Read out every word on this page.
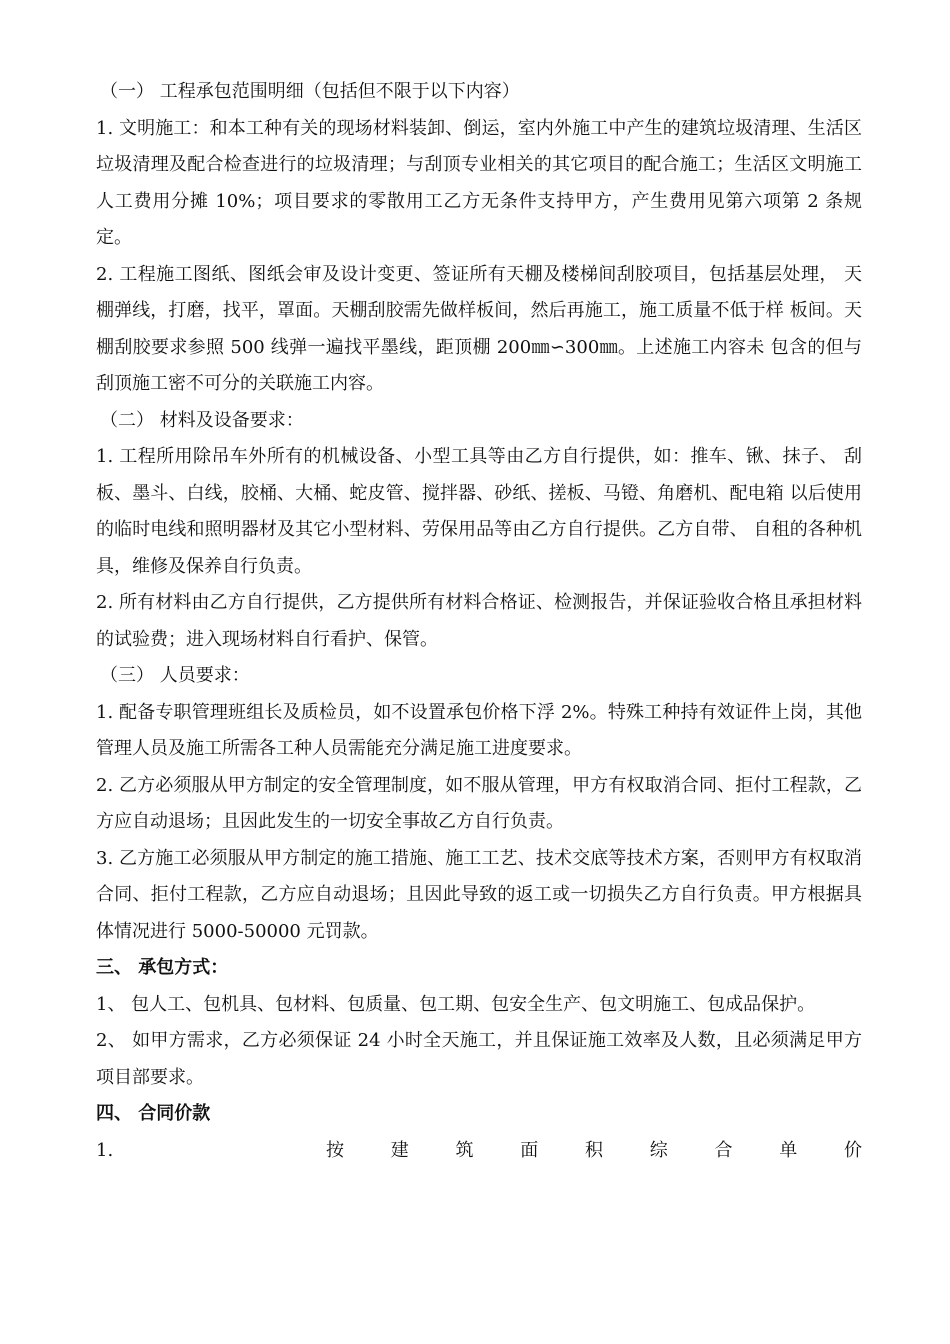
（一） 工程承包范围明细（包括但不限于以下内容）
1. 文明施工：和本工种有关的现场材料装卸、倒运，室内外施工中产生的建筑垃圾清理、生活区垃圾清理及配合检查进行的垃圾清理；与刮顶专业相关的其它项目的配合施工；生活区文明施工人工费用分摊 10%；项目要求的零散用工乙方无条件支持甲方，产生费用见第六项第 2 条规定。
2. 工程施工图纸、图纸会审及设计变更、签证所有天棚及楼梯间刮胶项目，包括基层处理， 天棚弹线，打磨，找平，罩面。天棚刮胶需先做样板间，然后再施工，施工质量不低于样 板间。天棚刮胶要求参照 500 线弹一遍找平墨线，距顶棚 200㎜∽300㎜。上述施工内容未 包含的但与刮顶施工密不可分的关联施工内容。
（二） 材料及设备要求：
1. 工程所用除吊车外所有的机械设备、小型工具等由乙方自行提供，如：推车、锹、抹子、 刮板、墨斗、白线，胶桶、大桶、蛇皮管、搅拌器、砂纸、搓板、马镫、角磨机、配电箱 以后使用的临时电线和照明器材及其它小型材料、劳保用品等由乙方自行提供。乙方自带、 自租的各种机具，维修及保养自行负责。
2. 所有材料由乙方自行提供，乙方提供所有材料合格证、检测报告，并保证验收合格且承担材料的试验费；进入现场材料自行看护、保管。
（三） 人员要求：
1. 配备专职管理班组长及质检员，如不设置承包价格下浮 2%。特殊工种持有效证件上岗，其他管理人员及施工所需各工种人员需能充分满足施工进度要求。
2. 乙方必须服从甲方制定的安全管理制度，如不服从管理，甲方有权取消合同、拒付工程款，乙方应自动退场；且因此发生的一切安全事故乙方自行负责。
3. 乙方施工必须服从甲方制定的施工措施、施工工艺、技术交底等技术方案，否则甲方有权取消合同、拒付工程款，乙方应自动退场；且因此导致的返工或一切损失乙方自行负责。甲方根据具体情况进行 5000-50000 元罚款。
三、 承包方式：
1、 包人工、包机具、包材料、包质量、包工期、包安全生产、包文明施工、包成品保护。
2、 如甲方需求，乙方必须保证 24 小时全天施工，并且保证施工效率及人数，且必须满足甲方项目部要求。
四、 合同价款
1.	按	建	筑	面	积	综	合	单	价
